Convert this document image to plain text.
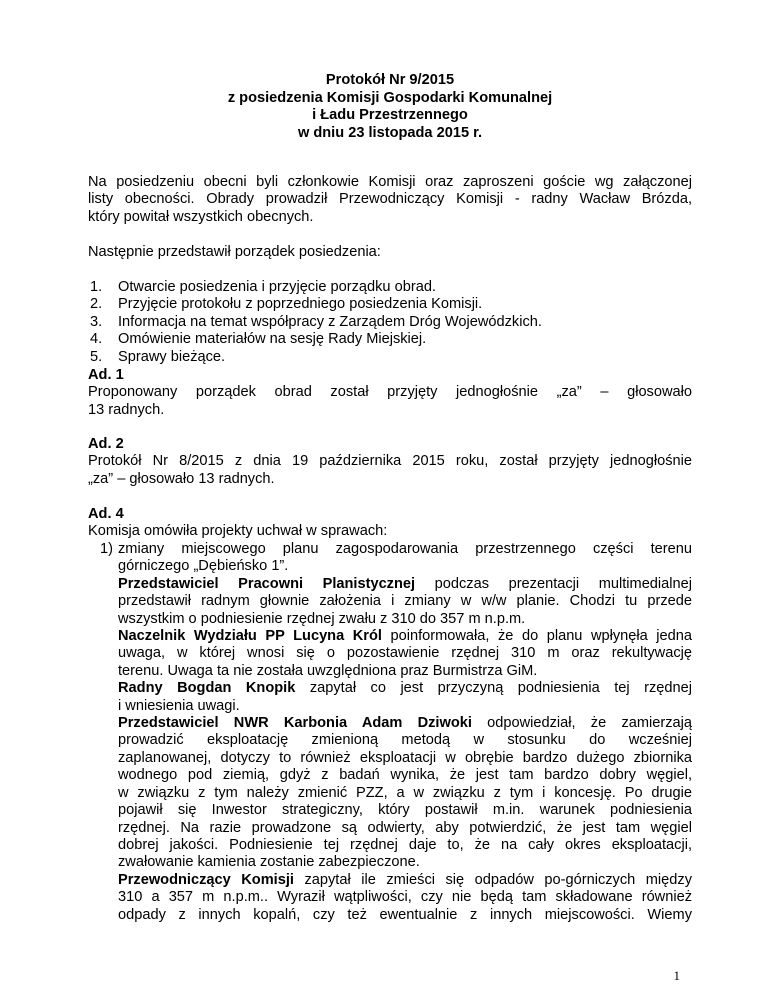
Protokół Nr 9/2015
z posiedzenia Komisji Gospodarki Komunalnej
i Ładu Przestrzennego
w dniu 23 listopada 2015 r.
Na posiedzeniu obecni byli członkowie Komisji oraz zaproszeni goście wg załączonej
listy obecności. Obrady prowadził Przewodniczący Komisji - radny Wacław Brózda,
który powitał wszystkich obecnych.
Następnie przedstawił porządek posiedzenia:
1.	Otwarcie posiedzenia i przyjęcie porządku obrad.
2.	Przyjęcie protokołu z poprzedniego posiedzenia Komisji.
3.	Informacja na temat współpracy z Zarządem Dróg Wojewódzkich.
4.	Omówienie materiałów na sesję Rady Miejskiej.
5.	Sprawy bieżące.
Ad. 1
Proponowany porządek obrad został przyjęty jednogłośnie „za” – głosowało
13 radnych.
Ad. 2
Protokół Nr 8/2015 z dnia 19 października 2015 roku, został przyjęty jednogłośnie
„za” – głosowało 13 radnych.
Ad. 4
Komisja omówiła projekty uchwał w sprawach:
1) zmiany miejscowego planu zagospodarowania przestrzennego części terenu
górniczego „Dębieńsko 1”.
Przedstawiciel Pracowni Planistycznej podczas prezentacji multimedialnej
przedstawił radnym głownie założenia i zmiany w w/w planie. Chodzi tu przede
wszystkim o podniesienie rzędnej zwału z 310 do 357 m n.p.m.
Naczelnik Wydziału PP Lucyna Król poinformowała, że do planu wpłynęła jedna
uwaga, w której wnosi się o pozostawienie rzędnej 310 m oraz rekultywację
terenu. Uwaga ta nie została uwzględniona praz Burmistrza GiM.
Radny Bogdan Knopik zapytał co jest przyczyną podniesienia tej rzędnej
i wniesienia uwagi.
Przedstawiciel NWR Karbonia Adam Dziwoki odpowiedział, że zamierzają
prowadzić eksploatację zmienioną metodą w stosunku do wcześniej
zaplanowanej, dotyczy to również eksploatacji w obrębie bardzo dużego zbiornika
wodnego pod ziemią, gdyż z badań wynika, że jest tam bardzo dobry węgiel,
w związku z tym należy zmienić PZZ, a w związku z tym i koncesję. Po drugie
pojawił się Inwestor strategiczny, który postawił m.in. warunek podniesienia
rzędnej. Na razie prowadzone są odwierty, aby potwierdzić, że jest tam węgiel
dobrej jakości. Podniesienie tej rzędnej daje to, że na cały okres eksploatacji,
zwałowanie kamienia zostanie zabezpieczone.
Przewodniczący Komisji zapytał ile zmieści się odpadów po-górniczych między
310 a 357 m n.p.m.. Wyraził wątpliwości, czy nie będą tam składowane również
odpady z innych kopalń, czy też ewentualnie z innych miejscowości. Wiemy
1
